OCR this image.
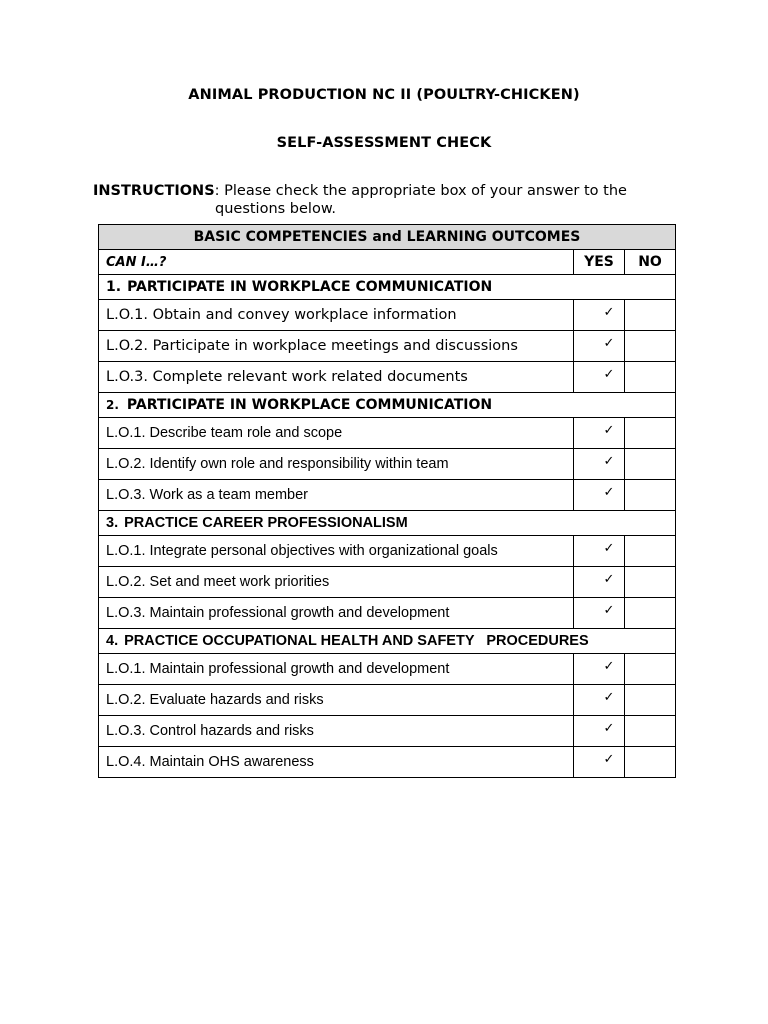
ANIMAL PRODUCTION NC II (POULTRY-CHICKEN)
SELF-ASSESSMENT CHECK
INSTRUCTIONS: Please check the appropriate box of your answer to the
questions below.
BASIC COMPETENCIES and LEARNING OUTCOMES		
CAN I…?	YES	NO
1. PARTICIPATE IN WORKPLACE COMMUNICATION		
L.O.1. Obtain and convey workplace information	✓	
L.O.2. Participate in workplace meetings and discussions	✓	
L.O.3. Complete relevant work related documents	✓	
2. PARTICIPATE IN WORKPLACE COMMUNICATION		
L.O.1. Describe team role and scope	✓	
L.O.2. Identify own role and responsibility within team	✓	
L.O.3. Work as a team member	✓	
3. PRACTICE CAREER PROFESSIONALISM		
L.O.1. Integrate personal objectives with organizational goals	✓	
L.O.2. Set and meet work priorities	✓	
L.O.3. Maintain professional growth and development	✓	
4. PRACTICE OCCUPATIONAL HEALTH AND SAFETY   PROCEDURES		
L.O.1. Maintain professional growth and development	✓	
L.O.2. Evaluate hazards and risks	✓	
L.O.3. Control hazards and risks	✓	
L.O.4. Maintain OHS awareness	✓	
